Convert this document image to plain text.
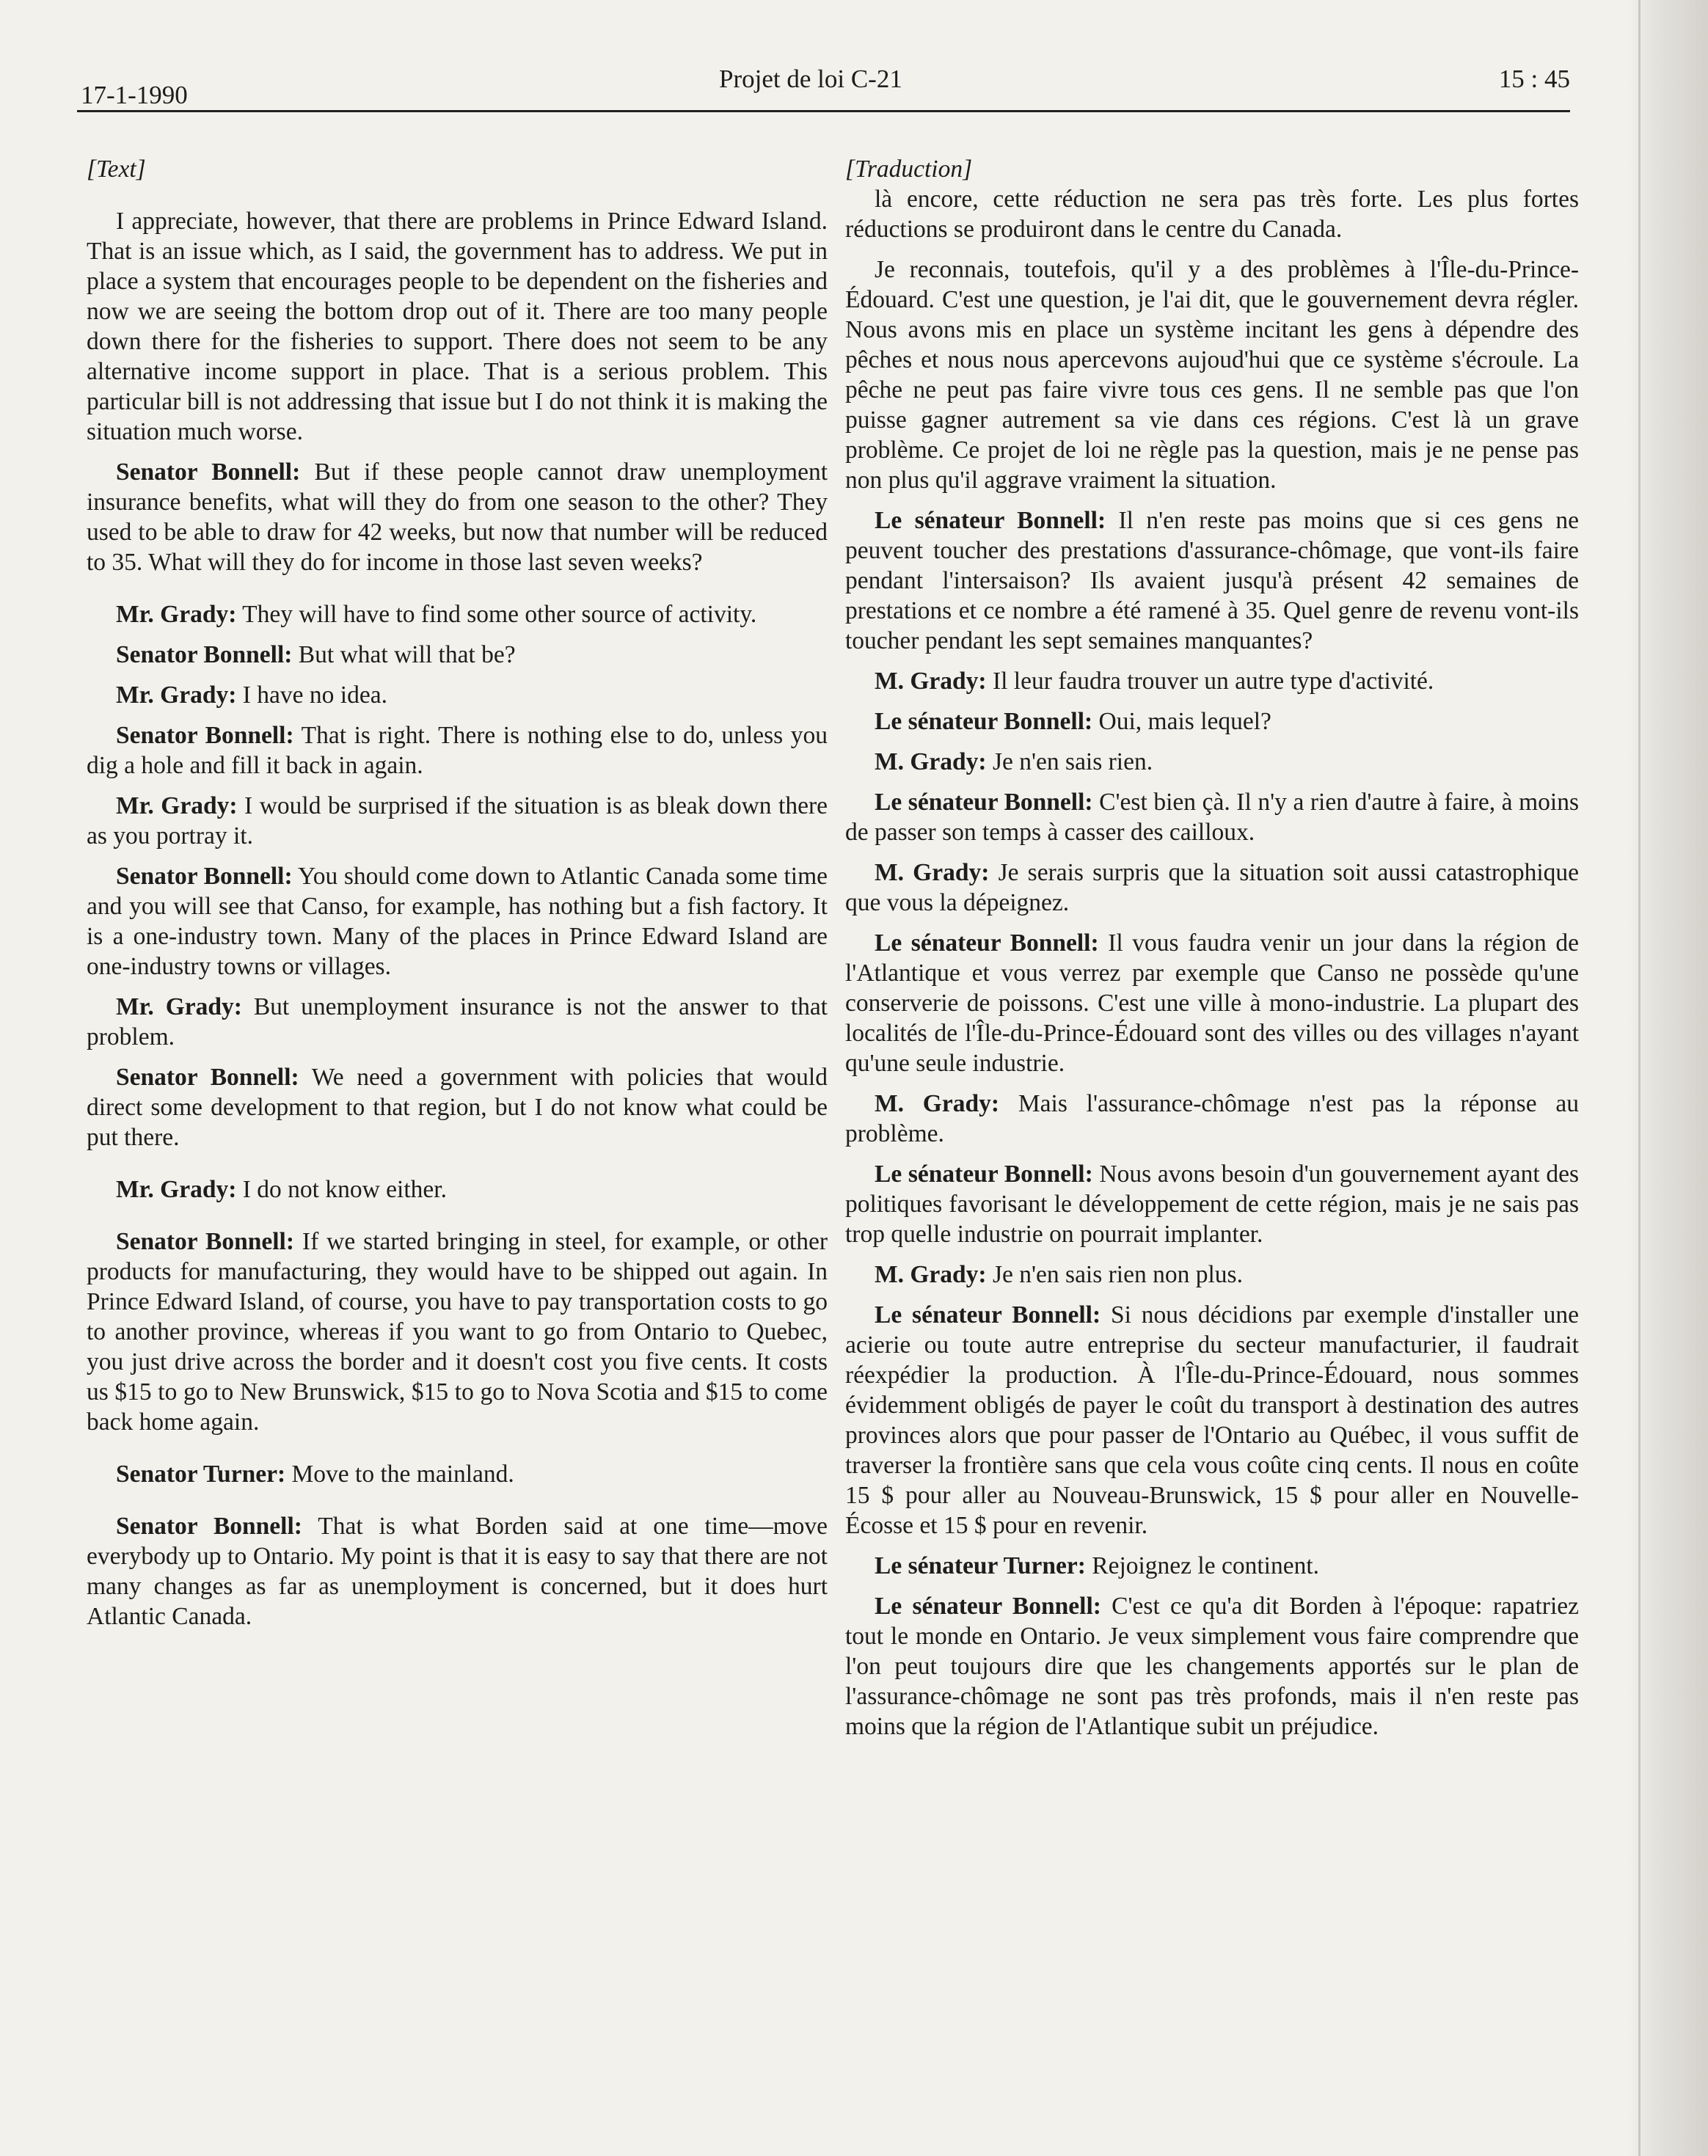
17-1-1990
Projet de loi C-21	15 : 45

[Text]

I appreciate, however, that there are problems in Prince Edward Island. That is an issue which, as I said, the government has to address. We put in place a system that encourages people to be dependent on the fisheries and now we are seeing the bottom drop out of it. There are too many people down there for the fisheries to support. There does not seem to be any alternative income support in place. That is a serious problem. This particular bill is not addressing that issue but I do not think it is making the situation much worse.

Senator Bonnell: But if these people cannot draw unemployment insurance benefits, what will they do from one season to the other? They used to be able to draw for 42 weeks, but now that number will be reduced to 35. What will they do for income in those last seven weeks?

Mr. Grady: They will have to find some other source of activity.

Senator Bonnell: But what will that be?

Mr. Grady: I have no idea.

Senator Bonnell: That is right. There is nothing else to do, unless you dig a hole and fill it back in again.

Mr. Grady: I would be surprised if the situation is as bleak down there as you portray it.

Senator Bonnell: You should come down to Atlantic Canada some time and you will see that Canso, for example, has nothing but a fish factory. It is a one-industry town. Many of the places in Prince Edward Island are one-industry towns or villages.

Mr. Grady: But unemployment insurance is not the answer to that problem.

Senator Bonnell: We need a government with policies that would direct some development to that region, but I do not know what could be put there.

Mr. Grady: I do not know either.

Senator Bonnell: If we started bringing in steel, for example, or other products for manufacturing, they would have to be shipped out again. In Prince Edward Island, of course, you have to pay transportation costs to go to another province, whereas if you want to go from Ontario to Quebec, you just drive across the border and it doesn't cost you five cents. It costs us $15 to go to New Brunswick, $15 to go to Nova Scotia and $15 to come back home again.

Senator Turner: Move to the mainland.

Senator Bonnell: That is what Borden said at one time—move everybody up to Ontario. My point is that it is easy to say that there are not many changes as far as unemployment is concerned, but it does hurt Atlantic Canada.

[Traduction]

là encore, cette réduction ne sera pas très forte. Les plus fortes réductions se produiront dans le centre du Canada.

Je reconnais, toutefois, qu'il y a des problèmes à l'Île-du-Prince-Édouard. C'est une question, je l'ai dit, que le gouvernement devra régler. Nous avons mis en place un système incitant les gens à dépendre des pêches et nous nous apercevons aujoud'hui que ce système s'écroule. La pêche ne peut pas faire vivre tous ces gens. Il ne semble pas que l'on puisse gagner autrement sa vie dans ces régions. C'est là un grave problème. Ce projet de loi ne règle pas la question, mais je ne pense pas non plus qu'il aggrave vraiment la situation.

Le sénateur Bonnell: Il n'en reste pas moins que si ces gens ne peuvent toucher des prestations d'assurance-chômage, que vont-ils faire pendant l'intersaison? Ils avaient jusqu'à présent 42 semaines de prestations et ce nombre a été ramené à 35. Quel genre de revenu vont-ils toucher pendant les sept semaines manquantes?

M. Grady: Il leur faudra trouver un autre type d'activité.

Le sénateur Bonnell: Oui, mais lequel?

M. Grady: Je n'en sais rien.

Le sénateur Bonnell: C'est bien çà. Il n'y a rien d'autre à faire, à moins de passer son temps à casser des cailloux.

M. Grady: Je serais surpris que la situation soit aussi catastrophique que vous la dépeignez.

Le sénateur Bonnell: Il vous faudra venir un jour dans la région de l'Atlantique et vous verrez par exemple que Canso ne possède qu'une conserverie de poissons. C'est une ville à mono-industrie. La plupart des localités de l'Île-du-Prince-Édouard sont des villes ou des villages n'ayant qu'une seule industrie.

M. Grady: Mais l'assurance-chômage n'est pas la réponse au problème.

Le sénateur Bonnell: Nous avons besoin d'un gouvernement ayant des politiques favorisant le développement de cette région, mais je ne sais pas trop quelle industrie on pourrait implanter.

M. Grady: Je n'en sais rien non plus.

Le sénateur Bonnell: Si nous décidions par exemple d'installer une acierie ou toute autre entreprise du secteur manufacturier, il faudrait réexpédier la production. À l'Île-du-Prince-Édouard, nous sommes évidemment obligés de payer le coût du transport à destination des autres provinces alors que pour passer de l'Ontario au Québec, il vous suffit de traverser la frontière sans que cela vous coûte cinq cents. Il nous en coûte 15 $ pour aller au Nouveau-Brunswick, 15 $ pour aller en Nouvelle-Écosse et 15 $ pour en revenir.

Le sénateur Turner: Rejoignez le continent.

Le sénateur Bonnell: C'est ce qu'a dit Borden à l'époque: rapatriez tout le monde en Ontario. Je veux simplement vous faire comprendre que l'on peut toujours dire que les changements apportés sur le plan de l'assurance-chômage ne sont pas très profonds, mais il n'en reste pas moins que la région de l'Atlantique subit un préjudice.
